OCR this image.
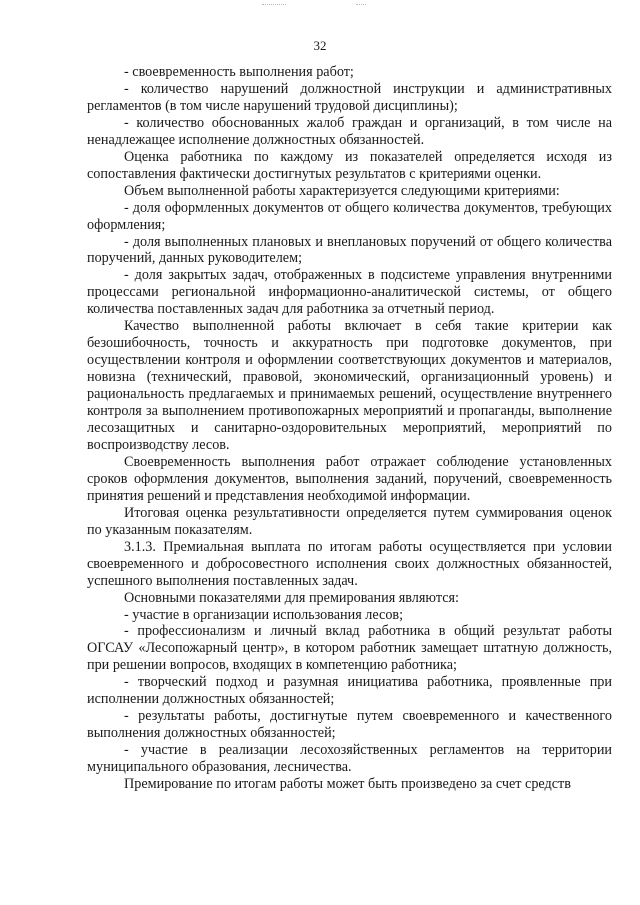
32

- своевременность выполнения работ;

- количество нарушений должностной инструкции и административных регламентов (в том числе нарушений трудовой дисциплины);

- количество обоснованных жалоб граждан и организаций, в том числе на ненадлежащее исполнение должностных обязанностей.

Оценка работника по каждому из показателей определяется исходя из сопоставления фактически достигнутых результатов с критериями оценки.

Объем выполненной работы характеризуется следующими критериями:

- доля оформленных документов от общего количества документов, требующих оформления;

- доля выполненных плановых и внеплановых поручений от общего количества поручений, данных руководителем;

- доля закрытых задач, отображенных в подсистеме управления внутренними процессами региональной информационно-аналитической системы, от общего количества поставленных задач для работника за отчетный период.

Качество выполненной работы включает в себя такие критерии как безошибочность, точность и аккуратность при подготовке документов, при осуществлении контроля и оформлении соответствующих документов и материалов, новизна (технический, правовой, экономический, организационный уровень) и рациональность предлагаемых и принимаемых решений, осуществление внутреннего контроля за выполнением противопожарных мероприятий и пропаганды, выполнение лесозащитных и санитарно-оздоровительных мероприятий, мероприятий по воспроизводству лесов.

Своевременность выполнения работ отражает соблюдение установленных сроков оформления документов, выполнения заданий, поручений, своевременность принятия решений и представления необходимой информации.

Итоговая оценка результативности определяется путем суммирования оценок по указанным показателям.

3.1.3. Премиальная выплата по итогам работы осуществляется при условии своевременного и добросовестного исполнения своих должностных обязанностей, успешного выполнения поставленных задач.

Основными показателями для премирования являются:

- участие в организации использования лесов;

- профессионализм и личный вклад работника в общий результат работы ОГСАУ «Лесопожарный центр», в котором работник замещает штатную должность, при решении вопросов, входящих в компетенцию работника;

- творческий подход и разумная инициатива работника, проявленные при исполнении должностных обязанностей;

- результаты работы, достигнутые путем своевременного и качественного выполнения должностных обязанностей;

- участие в реализации лесохозяйственных регламентов на территории муниципального образования, лесничества.

Премирование по итогам работы может быть произведено за счет средств
